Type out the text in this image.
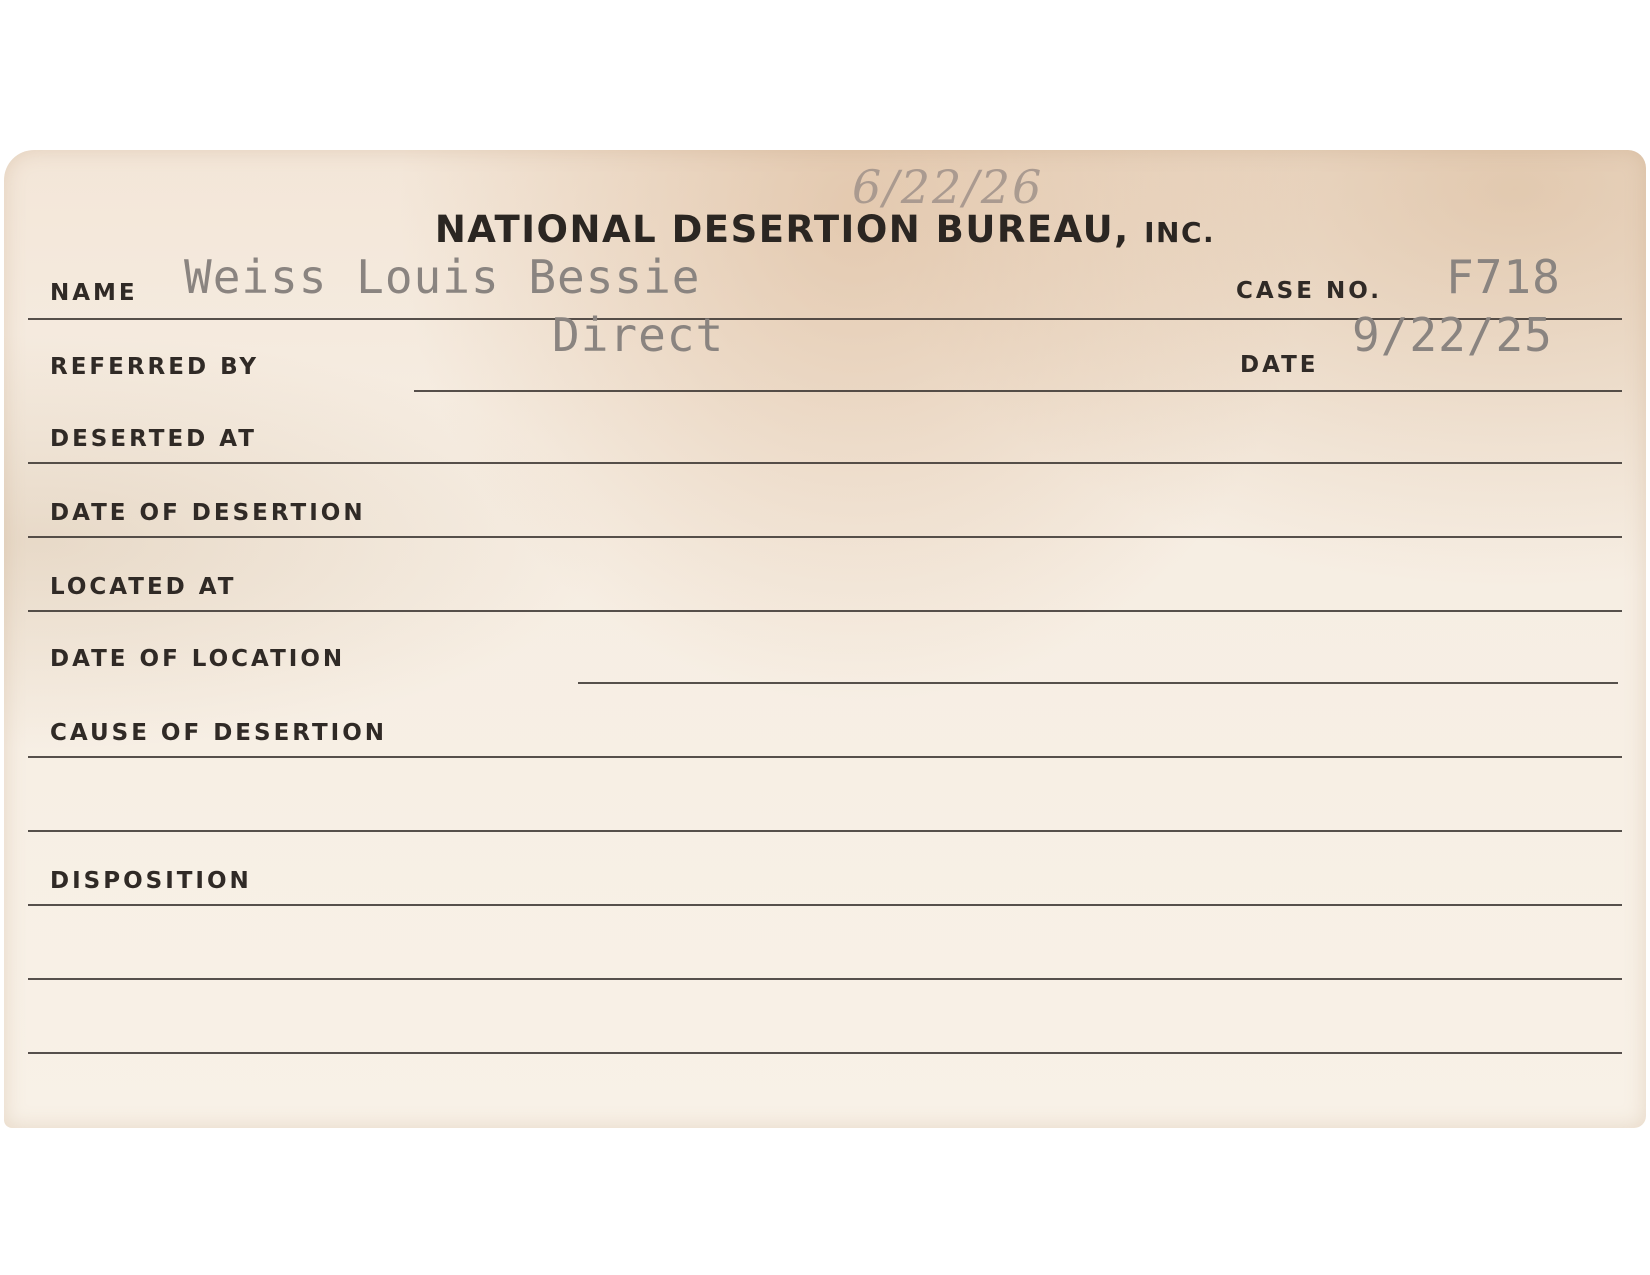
6/22/26
NATIONAL DESERTION BUREAU, INC.
NAME Weiss Louis Bessie	CASE NO. F718
REFERRED BY
Direct
DATE
9/22/25
DESERTED AT
DATE OF DESERTION
LOCATED AT
DATE OF LOCATION
CAUSE OF DESERTION
DISPOSITION
